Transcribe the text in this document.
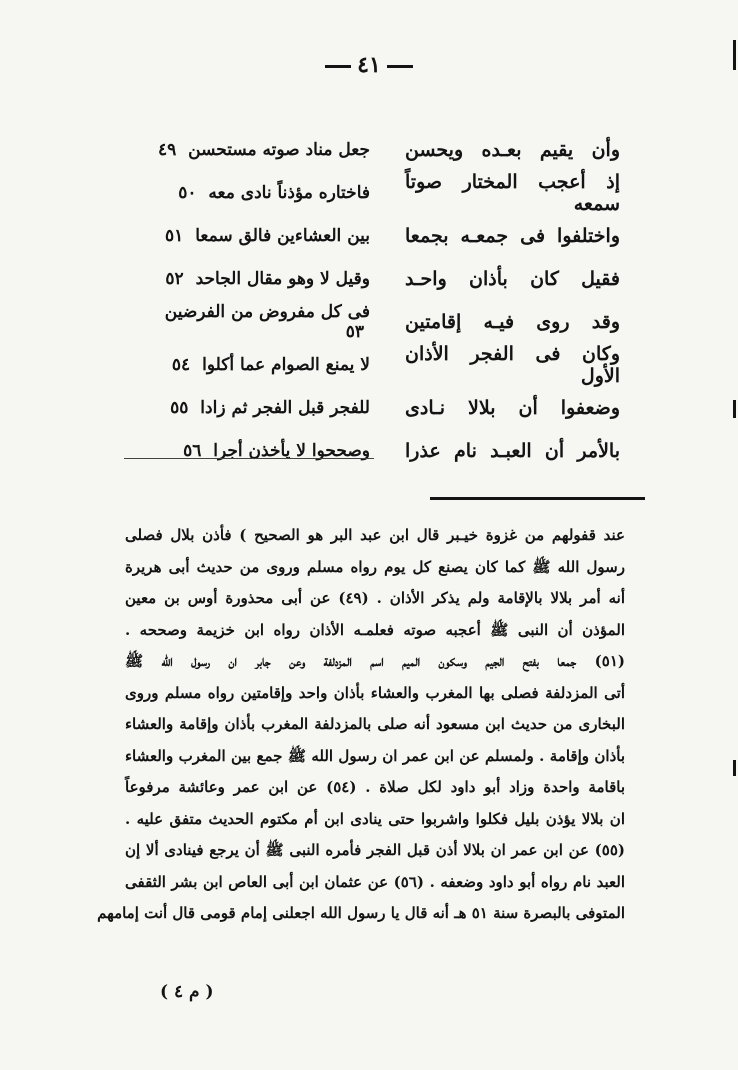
٤١
وأن يقيم بعـده ويحسن
جعل مناد صوته مستحسن ٤٩
إذ أعجب المختار صوتاً سمعه
فاختاره مؤذناً نادى معه ٥٠
واختلفوا فى جمعـه بجمعا
بين العشاءين فالق سمعا ٥١
فقيل كان بأذان واحـد
وقيل لا وهو مقال الجاحد ٥٢
وقد روى فيـه إقامتين
فى كل مفروض من الفرضين ٥٣
وكان فى الفجر الأذان الأول
لا يمنع الصوام عما أكلوا ٥٤
وضعفوا أن بلالا نـادى
للفجر قبل الفجر ثم زادا ٥٥
بالأمر أن العبـد نام عذرا
وصححوا لا يأخذن أجرا ٥٦
عند قفولهم من غزوة خيـبر قال ابن عبد البر هو الصحيح ) فأذن بلال فصلى
رسول الله ﷺ كما كان يصنع كل يوم رواه مسلم وروى من حديث أبى هريرة
أنه أمر بلالا بالإقامة ولم يذكر الأذان . (٤٩) عن أبى محذورة أوس بن معين
المؤذن أن النبى ﷺ أعجبه صوته فعلمـه الأذان رواه ابن خزيمة وصححه .
(٥١) جمعا بفتح الجيم وسكون الميم اسم المزدلفة وعن جابر ان رسول الله ﷺ
أتى المزدلفة فصلى بها المغرب والعشاء بأذان واحد وإقامتين رواه مسلم وروى
البخارى من حديث ابن مسعود أنه صلى بالمزدلفة المغرب بأذان وإقامة والعشاء
بأذان وإقامة . ولمسلم عن ابن عمر ان رسول الله ﷺ جمع بين المغرب والعشاء
باقامة واحدة وزاد أبو داود لكل صلاة . (٥٤) عن ابن عمر وعائشة مرفوعاً
ان بلالا يؤذن بليل فكلوا واشربوا حتى ينادى ابن أم مكتوم الحديث متفق عليه .
(٥٥) عن ابن عمر ان بلالا أذن قبل الفجر فأمره النبى ﷺ أن يرجع فينادى ألا إن
العبد نام رواه أبو داود وضعفه . (٥٦) عن عثمان ابن أبى العاص ابن بشر الثقفى
المتوفى بالبصرة سنة ٥١ هـ أنه قال يا رسول الله اجعلنى إمام قومى قال أنت إمامهم
( م ٤ )
